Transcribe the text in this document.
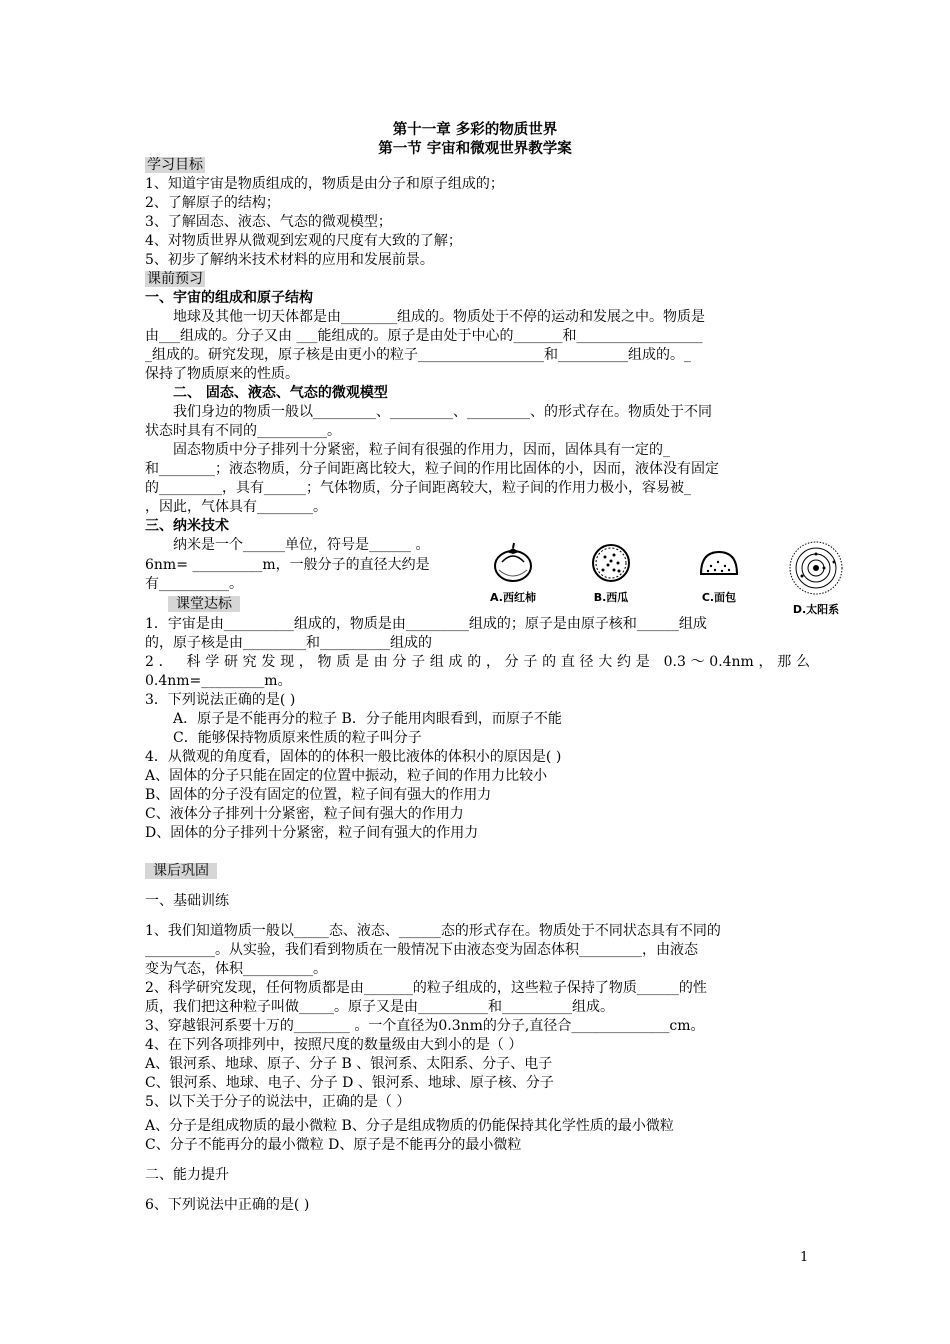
第十一章 多彩的物质世界
第一节 宇宙和微观世界教学案
学习目标
1、知道宇宙是物质组成的，物质是由分子和原子组成的；
2、了解原子的结构；
3、了解固态、液态、气态的微观模型；
4、对物质世界从微观到宏观的尺度有大致的了解；
5、初步了解纳米技术材料的应用和发展前景。
课前预习
一、宇宙的组成和原子结构
地球及其他一切天体都是由________组成的。物质处于不停的运动和发展之中。物质是
由___组成的。分子又由 ___能组成的。原子是由处于中心的_______和__________________
_组成的。研究发现，原子核是由更小的粒子__________________和__________组成的。_
保持了物质原来的性质。
二、 固态、液态、气态的微观模型
我们身边的物质一般以_________、_________、_________、的形式存在。物质处于不同
状态时具有不同的__________。
固态物质中分子排列十分紧密，粒子间有很强的作用力，因而，固体具有一定的_
和________；液态物质，分子间距离比较大，粒子间的作用比固体的小，因而，液体没有固定
的_________，具有______；气体物质，分子间距离较大，粒子间的作用力极小，容易被_
，因此，气体具有________。
三、纳米技术
纳米是一个______单位，符号是______ 。
6nm= __________m，一般分子的直径大约是
有__________。
A.西红柿	B.西瓜	C.面包
D.太阳系
课堂达标
1．宇宙是由__________组成的，物质是由_________组成的；原子是由原子核和______组成
的，原子核是由_________和__________组成的
2． 科学研究发现，物质是由分子组成的，分子的直径大约是 0.3～0.4nm，那么
0.4nm=_________m。
3．下列说法正确的是( )
A．原子是不能再分的粒子 B．分子能用肉眼看到，而原子不能
C．能够保持物质原来性质的粒子叫分子
4．从微观的角度看，固体的的体积一般比液体的体积小的原因是( )
A、固体的分子只能在固定的位置中振动，粒子间的作用力比较小
B、固体的分子没有固定的位置，粒子间有强大的作用力
C、液体分子排列十分紧密，粒子间有强大的作用力
D、固体的分子排列十分紧密，粒子间有强大的作用力
课后巩固
一、基础训练
1、我们知道物质一般以_____态、液态、______态的形式存在。物质处于不同状态具有不同的
__________。从实验，我们看到物质在一般情况下由液态变为固态体积_________，由液态
变为气态，体积__________。
2、科学研究发现，任何物质都是由_______的粒子组成的，这些粒子保持了物质______的性
质，我们把这种粒子叫做_____。原子又是由__________和__________组成。
3、穿越银河系要十万的________ 。一个直径为0.3nm的分子,直径合______________cm。
4、在下列各项排列中，按照尺度的数量级由大到小的是（ ）
A、银河系、地球、原子、分子 B 、银河系、太阳系、分子、电子
C、银河系、地球、电子、分子 D 、银河系、地球、原子核、分子
5、以下关于分子的说法中，正确的是（ ）
A、分子是组成物质的最小微粒 B、分子是组成物质的仍能保持其化学性质的最小微粒
C、分子不能再分的最小微粒 D、原子是不能再分的最小微粒
二、能力提升
6、下列说法中正确的是( )
1
